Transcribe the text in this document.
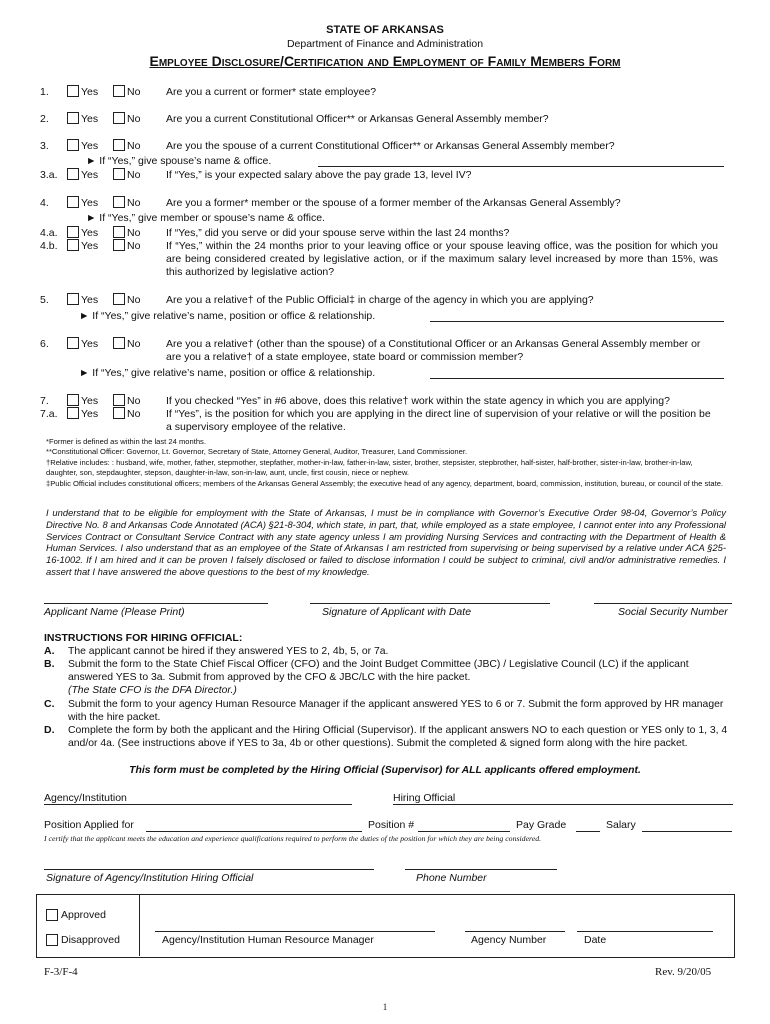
STATE OF ARKANSAS
Department of Finance and Administration
Employee Disclosure/Certification and Employment of Family Members Form
1.	Yes	No Are you a current or former* state employee?
2.	Yes	No Are you a current Constitutional Officer** or Arkansas General Assembly member?
3.	Yes	No Are you the spouse of a current Constitutional Officer** or Arkansas General Assembly member?
► If “Yes,” give spouse’s name & office.
3.a. Yes	No If “Yes,” is your expected salary above the pay grade 13, level IV?
4.	Yes	No Are you a former* member or the spouse of a former member of the Arkansas General Assembly?
► If “Yes,” give member or spouse’s name & office.
4.a. Yes	No If “Yes,” did you serve or did your spouse serve within the last 24 months?
4.b. Yes	No If “Yes,” within the 24 months prior to your leaving office or your spouse leaving office, was the position for which you are being considered created by legislative action, or if the maximum salary level increased by more than 15%, was this authorized by legislative action?
5.	Yes	No Are you a relative† of the Public Official‡ in charge of the agency in which you are applying?
► If “Yes,” give relative’s name, position or office & relationship.
6.	Yes	No Are you a relative† (other than the spouse) of a Constitutional Officer or an Arkansas General Assembly member or are you a relative† of a state employee, state board or commission member?
► If “Yes,” give relative’s name, position or office & relationship.
7.	Yes	No If you checked “Yes” in #6 above, does this relative† work within the state agency in which you are applying?
7.a. Yes	No If “Yes”, is the position for which you are applying in the direct line of supervision of your relative or will the position be a supervisory employee of the relative.
*Former is defined as within the last 24 months.
**Constitutional Officer: Governor, Lt. Governor, Secretary of State, Attorney General, Auditor, Treasurer, Land Commissioner.
†Relative includes: : husband, wife, mother, father, stepmother, stepfather, mother-in-law, father-in-law, sister, brother, stepsister, stepbrother, half-sister, half-brother, sister-in-law, brother-in-law, daughter, son, stepdaughter, stepson, daughter-in-law, son-in-law, aunt, uncle, first cousin, niece or nephew.
‡Public Official includes constitutional officers; members of the Arkansas General Assembly; the executive head of any agency, department, board, commission, institution, bureau, or council of the state.
I understand that to be eligible for employment with the State of Arkansas, I must be in compliance with Governor’s Executive Order 98-04, Governor’s Policy Directive No. 8 and Arkansas Code Annotated (ACA) §21-8-304, which state, in part, that, while employed as a state employee, I cannot enter into any Professional Services Contract or Consultant Service Contract with any state agency unless I am providing Nursing Services and contracting with the Department of Health & Human Services. I also understand that as an employee of the State of Arkansas I am restricted from supervising or being supervised by a relative under ACA §25-16-1002. If I am hired and it can be proven I falsely disclosed or failed to disclose information I could be subject to criminal, civil and/or administrative remedies. I assert that I have answered the above questions to the best of my knowledge.
Applicant Name (Please Print)	Signature of Applicant with Date	Social Security Number
INSTRUCTIONS FOR HIRING OFFICIAL:
A. The applicant cannot be hired if they answered YES to 2, 4b, 5, or 7a.
B. Submit the form to the State Chief Fiscal Officer (CFO) and the Joint Budget Committee (JBC) / Legislative Council (LC) if the applicant answered YES to 3a. Submit from approved by the CFO & JBC/LC with the hire packet.
(The State CFO is the DFA Director.)
C. Submit the form to your agency Human Resource Manager if the applicant answered YES to 6 or 7. Submit the form approved by HR manager with the hire packet.
D. Complete the form by both the applicant and the Hiring Official (Supervisor). If the applicant answers NO to each question or YES only to 1, 3, 4 and/or 4a. (See instructions above if YES to 3a, 4b or other questions). Submit the completed & signed form along with the hire packet.
This form must be completed by the Hiring Official (Supervisor) for ALL applicants offered employment.
Agency/Institution	Hiring Official
Position Applied for	Position #	Pay Grade	Salary
I certify that the applicant meets the education and experience qualifications required to perform the duties of the position for which they are being considered.
Signature of Agency/Institution Hiring Official	Phone Number
Approved
Disapproved	Agency/Institution Human Resource Manager	Agency Number	Date
F-3/F-4	Rev. 9/20/05
1
